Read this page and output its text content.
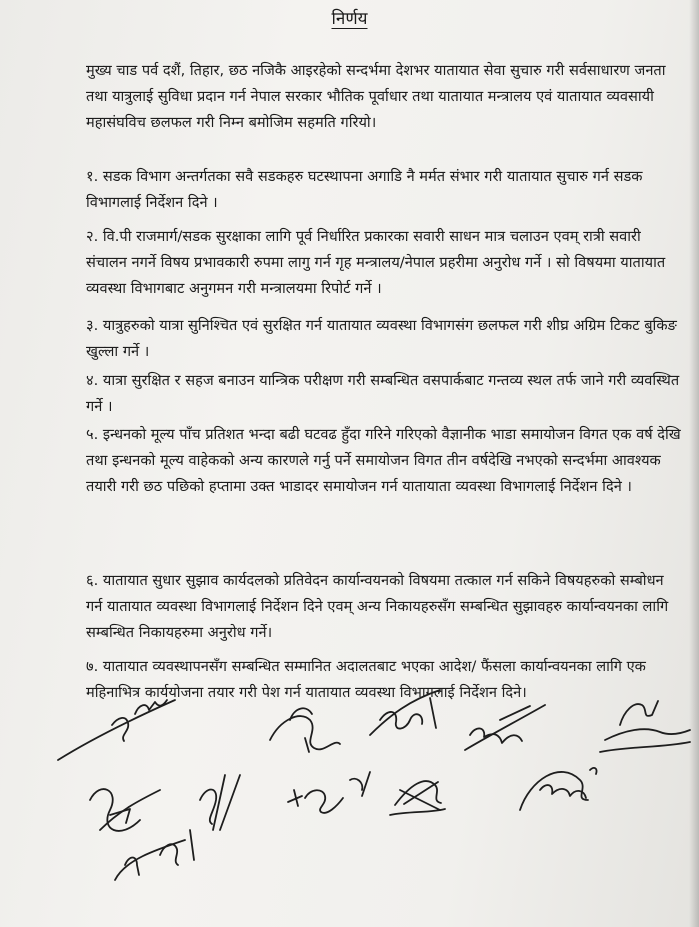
निर्णय

मुख्य चाड पर्व दशैं, तिहार, छठ नजिकै आइरहेको सन्दर्भमा देशभर यातायात सेवा सुचारु गरी सर्वसाधारण जनता तथा यात्रुलाई सुविधा प्रदान गर्न नेपाल सरकार भौतिक पूर्वाधार तथा यातायात मन्त्रालय एवं यातायात व्यवसायी महासंघविच छलफल गरी निम्न बमोजिम सहमति गरियो।

१. सडक विभाग अन्तर्गतका सवै सडकहरु घटस्थापना अगाडि नै मर्मत संभार गरी यातायात सुचारु गर्न सडक विभागलाई निर्देशन दिने ।

२. वि.पी राजमार्ग/सडक सुरक्षाका लागि पूर्व निर्धारित प्रकारका सवारी साधन मात्र चलाउन एवम् रात्री सवारी संचालन नगर्ने विषय प्रभावकारी रुपमा लागु गर्न गृह मन्त्रालय/नेपाल प्रहरीमा अनुरोध गर्ने । सो विषयमा यातायात व्यवस्था विभागबाट अनुगमन गरी मन्त्रालयमा रिपोर्ट गर्ने ।

३. यात्रुहरुको यात्रा सुनिश्चित एवं सुरक्षित गर्न यातायात व्यवस्था विभागसंग छलफल गरी शीघ्र अग्रिम टिकट बुकिङ खुल्ला गर्ने ।

४. यात्रा सुरक्षित र सहज बनाउन यान्त्रिक परीक्षण गरी सम्बन्धित वसपार्कबाट गन्तव्य स्थल तर्फ जाने गरी व्यवस्थित गर्ने ।

५. इन्धनको मूल्य पाँच प्रतिशत भन्दा बढी घटवढ हुँदा गरिने गरिएको वैज्ञानीक भाडा समायोजन विगत एक वर्ष देखि तथा इन्धनको मूल्य वाहेकको अन्य कारणले गर्नु पर्ने समायोजन विगत तीन वर्षदेखि नभएको सन्दर्भमा आवश्यक तयारी गरी छठ पछिको हप्तामा उक्त भाडादर समायोजन गर्न यातायाता व्यवस्था विभागलाई निर्देशन दिने ।

६. यातायात सुधार सुझाव कार्यदलको प्रतिवेदन कार्यान्वयनको विषयमा तत्काल गर्न सकिने विषयहरुको सम्बोधन गर्न यातायात व्यवस्था विभागलाई निर्देशन दिने एवम् अन्य निकायहरुसँग सम्बन्धित सुझावहरु कार्यान्वयनका लागि सम्बन्धित निकायहरुमा अनुरोध गर्ने।

७. यातायात व्यवस्थापनसँग सम्बन्धित सम्मानित अदालतबाट भएका आदेश/ फैंसला कार्यान्वयनका लागि एक महिनाभित्र कार्ययोजना तयार गरी पेश गर्न यातायात व्यवस्था विभागलाई निर्देशन दिने।
